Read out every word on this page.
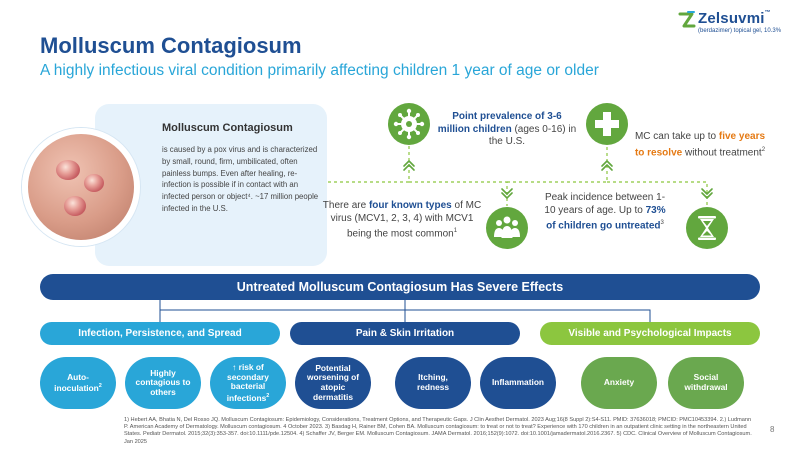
Zelsuvmi™
(berdazimer) topical gel, 10.3%
Molluscum Contagiosum
A highly infectious viral condition primarily affecting children 1 year of age or older
Molluscum Contagiosum
is caused by a pox virus and is characterized by small, round, firm, umbilicated, often painless bumps. Even after healing, re-infection is possible if in contact with an infected person or object⁴. ~17 million people infected in the U.S.
Point prevalence of 3-6 million children (ages 0-16) in the U.S.
There are four known types of MC virus (MCV1, 2, 3, 4) with MCV1 being the most common$^1$
Peak incidence between 1-10 years of age. Up to 73% of children go untreated$^3$
MC can take up to five years to resolve without treatment$^2$
Untreated Molluscum Contagiosum Has Severe Effects
Infection, Persistence, and Spread	Pain & Skin Irritation	Visible and Psychological Impacts
Auto-inoculation$^2$
Highly contagious to others
↑ risk of secondary bacterial infections$^2$
Potential worsening of atopic dermatitis
Itching, redness	Inflammation	Anxiety	Social withdrawal
1) Hebert AA, Bhatia N, Del Rosso JQ. Molluscum Contagiosum: Epidemiology, Considerations, Treatment Options, and Therapeutic Gaps. J Clin Aesthet Dermatol. 2023 Aug;16(8 Suppl 2):S4-S11. PMID: 37636018; PMCID: PMC10453394. 2.) Ludmann P. American Academy of Dermatology. Molluscum contagiosum. 4 October 2023. 3) Basdag H, Rainer BM, Cohen BA. Molluscum contagiosum: to treat or not to treat? Experience with 170 children in an outpatient clinic setting in the northeastern United States. Pediatr Dermatol. 2015;32(3):353-357. doi:10.1111/pde.12504. 4) Schaffer JV, Berger EM. Molluscum Contagiosum. JAMA Dermatol. 2016;152(9):1072. doi:10.1001/jamadermatol.2016.2367. 5) CDC. Clinical Overview of Molluscum Contagiosum. Jan 2025
8
